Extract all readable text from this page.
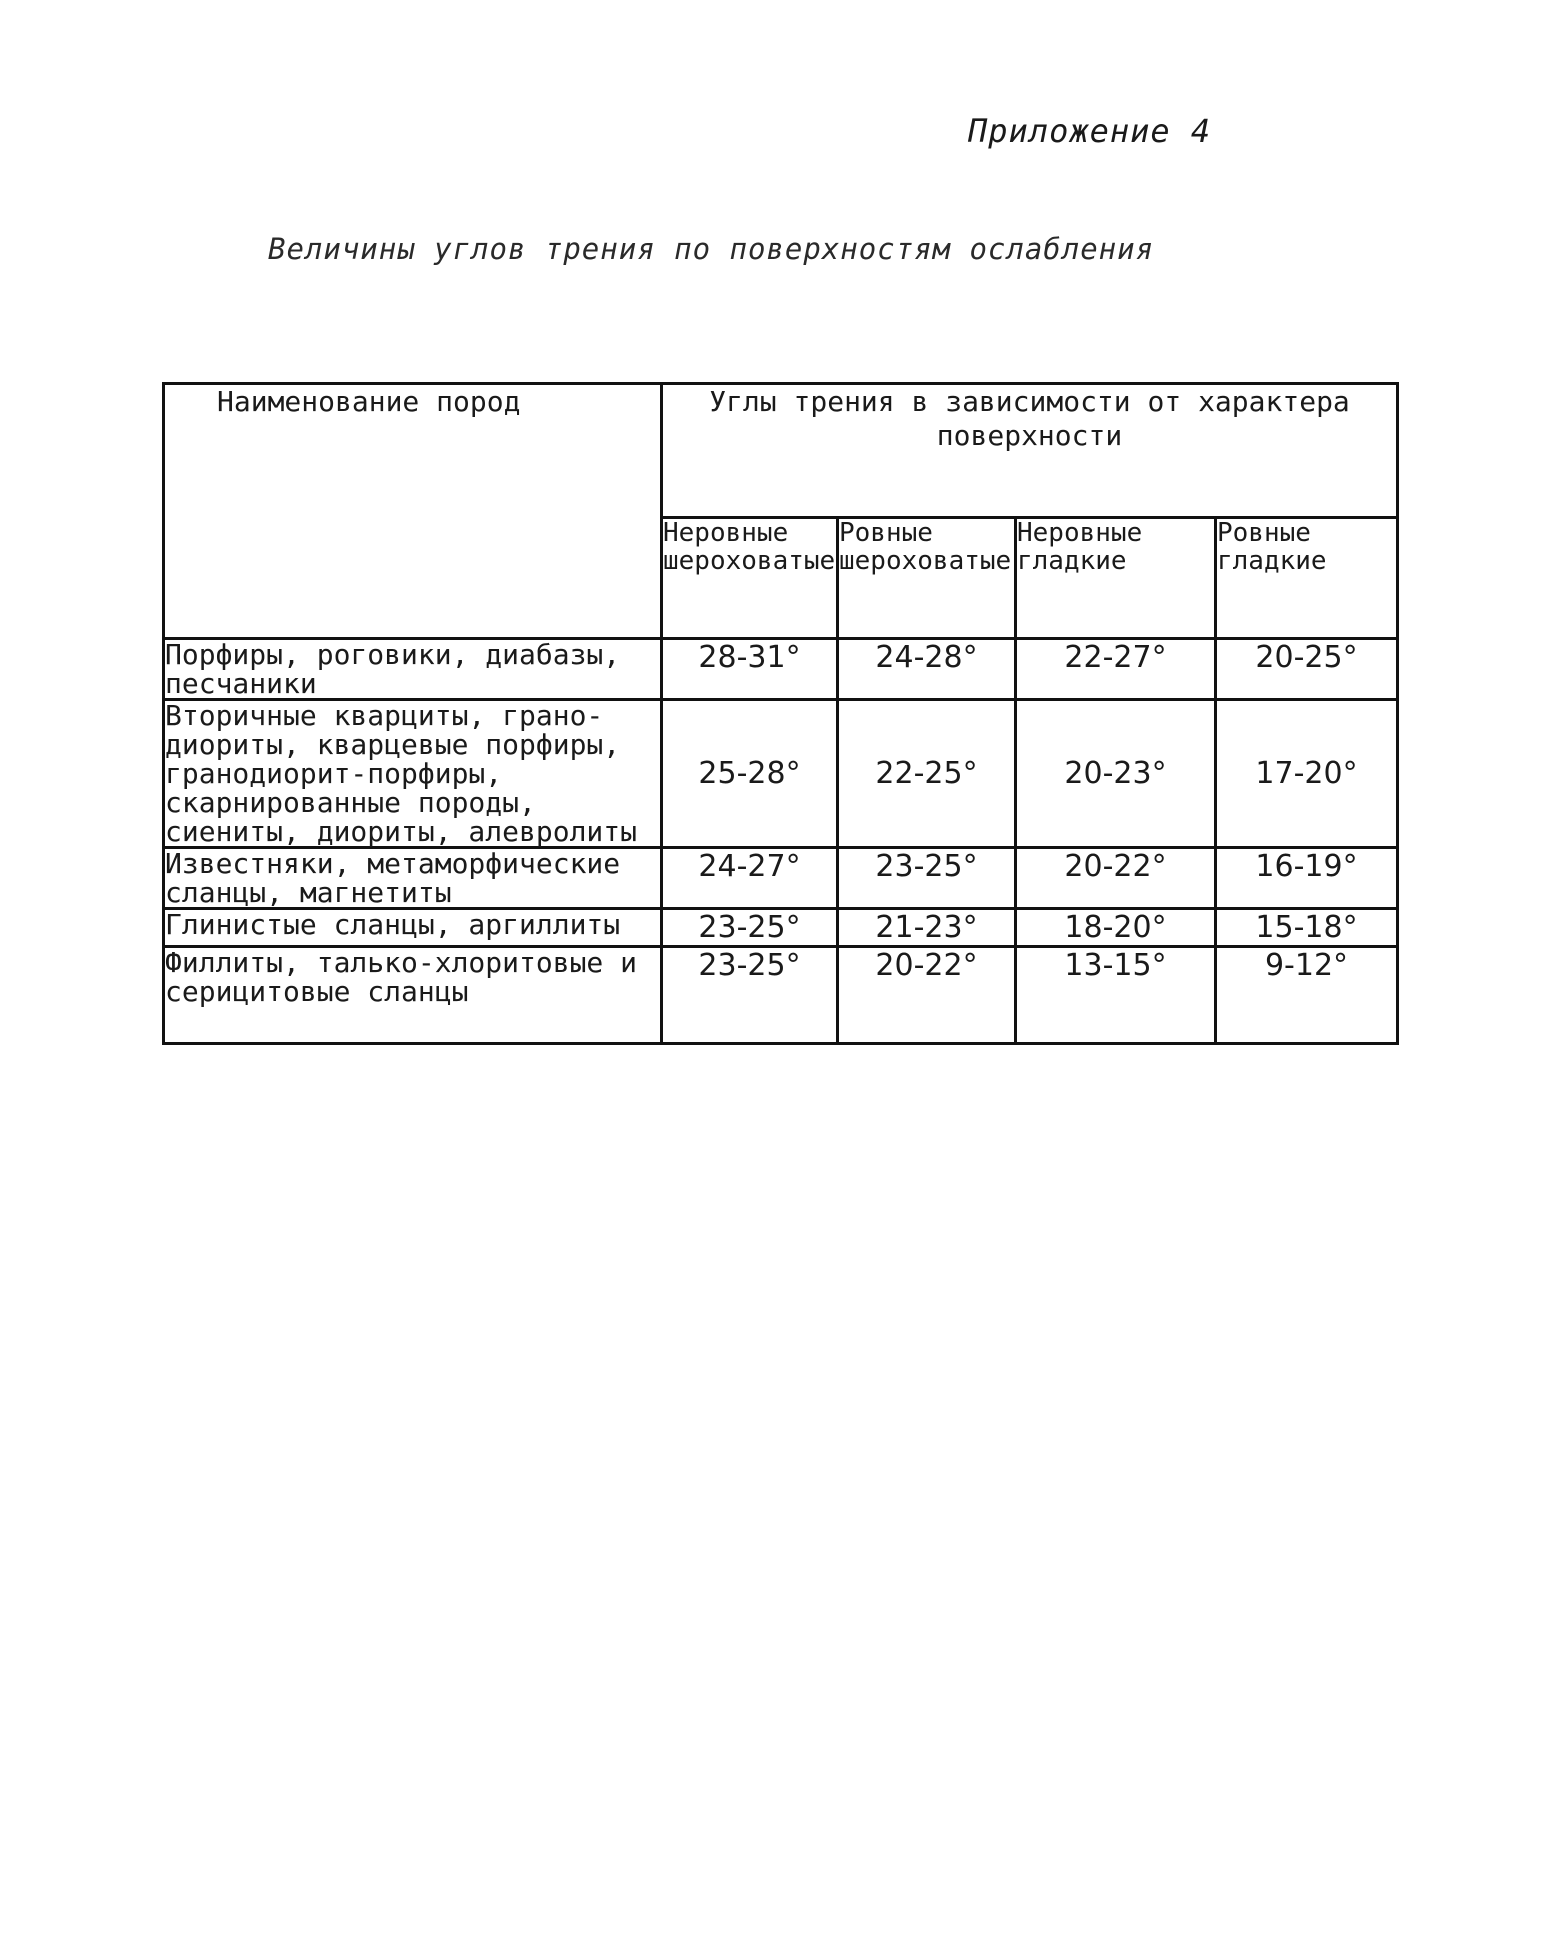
Приложение 4
Величины углов трения по поверхностям ослабления
Наименование пород	Углы трения в зависимости от характера поверхности			
	Неровные шероховатые	Ровные шероховатые	Неровные гладкие	Ровные гладкие
Порфиры, роговики, диабазы, песчаники	28-31°	24-28°	22-27°	20-25°
Вторичные кварциты, грано-диориты, кварцевые порфиры, гранодиорит-порфиры, скарнированные породы, сиениты, диориты, алевролиты	25-28°	22-25°	20-23°	17-20°
Известняки, метаморфические сланцы, магнетиты	24-27°	23-25°	20-22°	16-19°
Глинистые сланцы, аргиллиты	23-25°	21-23°	18-20°	15-18°
Филлиты, талько-хлоритовые и серицитовые сланцы	23-25°	20-22°	13-15°	9-12°
